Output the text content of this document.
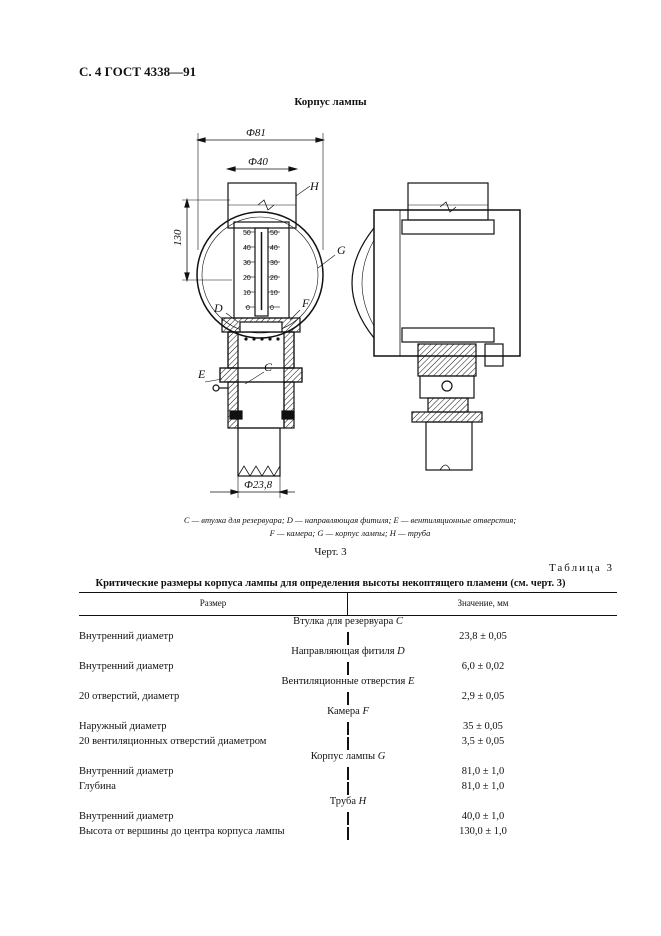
С. 4 ГОСТ 4338—91
Корпус лампы
Ф81
Ф40
130
Ф23,8
H
G
D	F
E	C
50
40
30
20
10
0
50
40
30
20
10
0
C — втулка для резервуара; D — направляющая фитиля; E — вентиляционные отверстия;
F — камера; G — корпус лампы; H — труба
Черт. 3
Таблица 3
Критические размеры корпуса лампы для определения высоты некоптящего пламени (см. черт. 3)
Размер	Значение, мм
Втулка для резервуара C
Внутренний диаметр	23,8 ± 0,05
Направляющая фитиля D
Внутренний диаметр	6,0 ± 0,02
Вентиляционные отверстия E
20 отверстий, диаметр	2,9 ± 0,05
Камера F
Наружный диаметр	35 ± 0,05
20 вентиляционных отверстий диаметром	3,5 ± 0,05
Корпус лампы G
Внутренний диаметр	81,0 ± 1,0
Глубина	81,0 ± 1,0
Труба H
Внутренний диаметр	40,0 ± 1,0
Высота от вершины до центра корпуса лампы	130,0 ± 1,0
